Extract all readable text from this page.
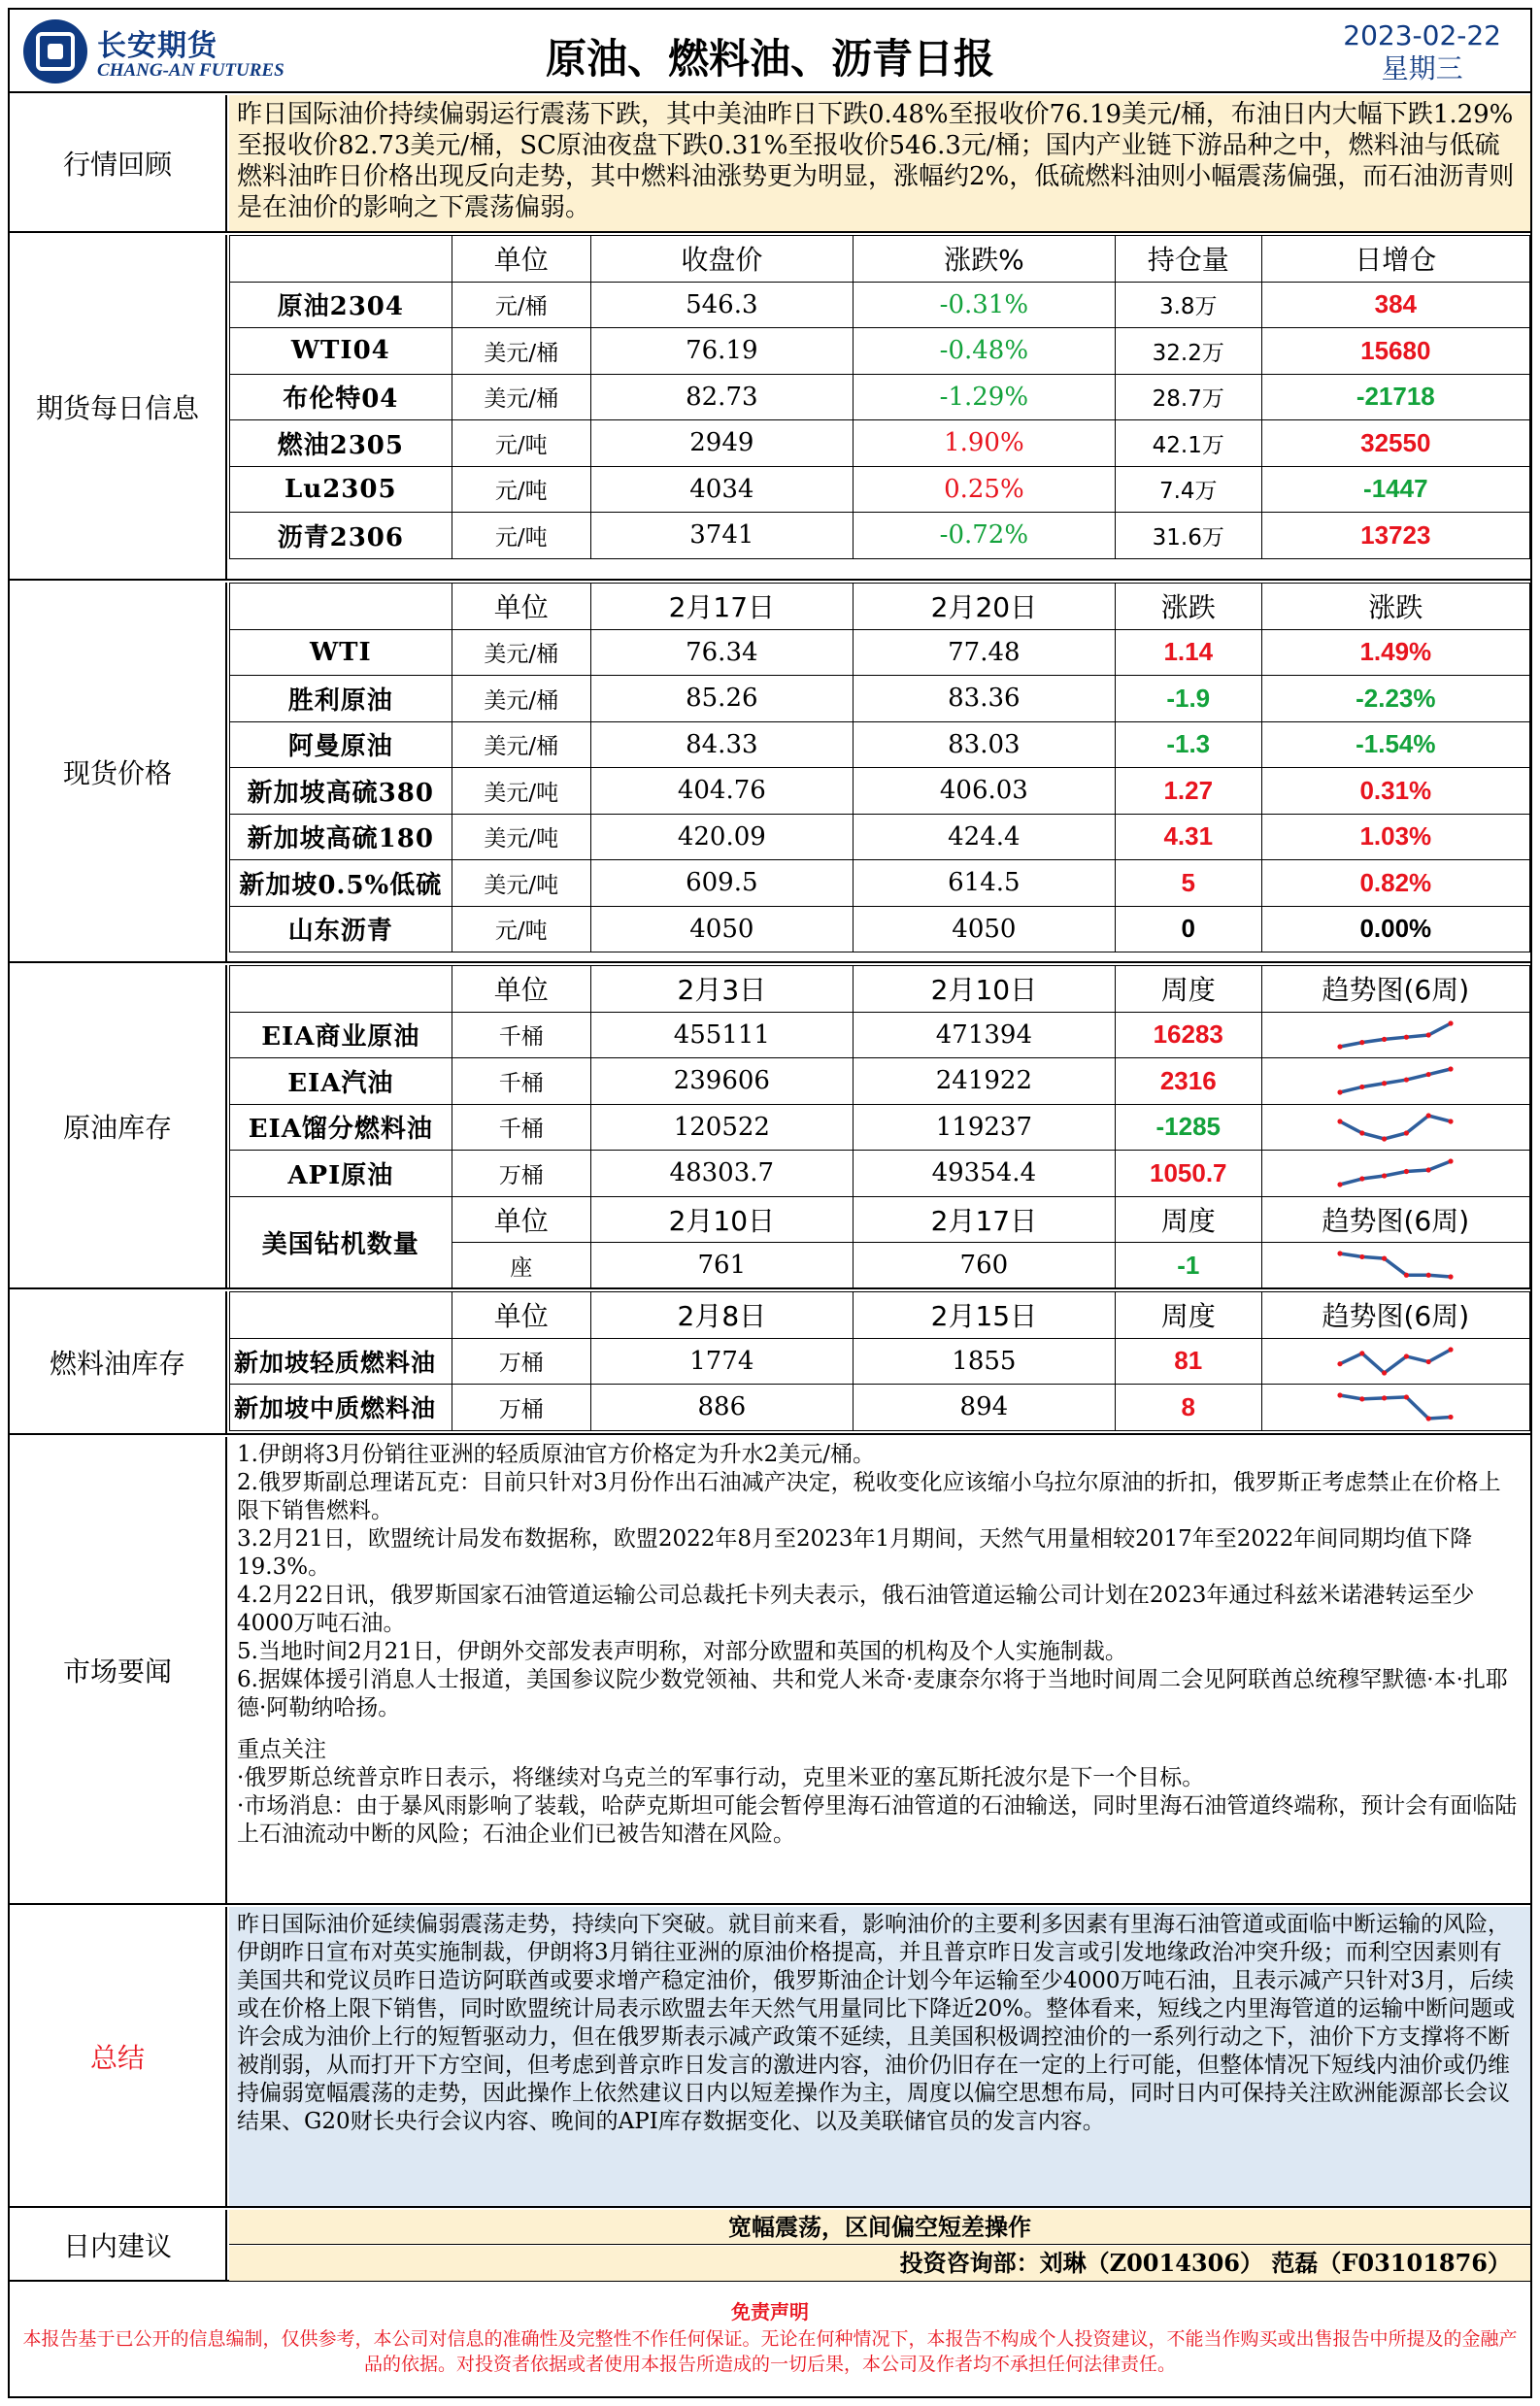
长安期货
CHANG-AN FUTURES	原油、燃料油、沥青日报	2023-02-22
星期三
行情回顾
昨日国际油价持续偏弱运行震荡下跌，其中美油昨日下跌0.48%至报收价76.19美元/桶，布油日内大幅下跌1.29%至报收价82.73美元/桶，SC原油夜盘下跌0.31%至报收价546.3元/桶；国内产业链下游品种之中，燃料油与低硫燃料油昨日价格出现反向走势，其中燃料油涨势更为明显，涨幅约2%，低硫燃料油则小幅震荡偏强，而石油沥青则是在油价的影响之下震荡偏弱。
期货每日信息
	单位	收盘价	涨跌%	持仓量	日增仓
原油2304	元/桶	546.3	-0.31%	3.8万	384
WTI04	美元/桶	76.19	-0.48%	32.2万	15680
布伦特04	美元/桶	82.73	-1.29%	28.7万	-21718
燃油2305	元/吨	2949	1.90%	42.1万	32550
Lu2305	元/吨	4034	0.25%	7.4万	-1447
沥青2306	元/吨	3741	-0.72%	31.6万	13723
现货价格
	单位	2月17日	2月20日	涨跌	涨跌
WTI	美元/桶	76.34	77.48	1.14	1.49%
胜利原油	美元/桶	85.26	83.36	-1.9	-2.23%
阿曼原油	美元/桶	84.33	83.03	-1.3	-1.54%
新加坡高硫380	美元/吨	404.76	406.03	1.27	0.31%
新加坡高硫180	美元/吨	420.09	424.4	4.31	1.03%
新加坡0.5%低硫	美元/吨	609.5	614.5	5	0.82%
山东沥青	元/吨	4050	4050	0	0.00%
原油库存
	单位	2月3日	2月10日	周度	趋势图(6周)
EIA商业原油	千桶	455111	471394	16283	

EIA汽油	千桶	239606	241922	2316	

EIA馏分燃料油	千桶	120522	119237	-1285	

API原油	万桶	48303.7	49354.4	1050.7	

美国钻机数量	单位	2月10日	2月17日	周度	趋势图(6周)
	座	761	760	-1	
燃料油库存
	单位	2月8日	2月15日	周度	趋势图(6周)
新加坡轻质燃料油	万桶	1774	1855	81	

新加坡中质燃料油	万桶	886	894	8	
市场要闻
1.伊朗将3月份销往亚洲的轻质原油官方价格定为升水2美元/桶。
2.俄罗斯副总理诺瓦克：目前只针对3月份作出石油减产决定，税收变化应该缩小乌拉尔原油的折扣，俄罗斯正考虑禁止在价格上限下销售燃料。
3.2月21日，欧盟统计局发布数据称，欧盟2022年8月至2023年1月期间，天然气用量相较2017年至2022年间同期均值下降19.3%。
4.2月22日讯，俄罗斯国家石油管道运输公司总裁托卡列夫表示，俄石油管道运输公司计划在2023年通过科兹米诺港转运至少4000万吨石油。
5.当地时间2月21日，伊朗外交部发表声明称，对部分欧盟和英国的机构及个人实施制裁。
6.据媒体援引消息人士报道，美国参议院少数党领袖、共和党人米奇·麦康奈尔将于当地时间周二会见阿联酋总统穆罕默德·本·扎耶德·阿勒纳哈扬。
重点关注
·俄罗斯总统普京昨日表示，将继续对乌克兰的军事行动，克里米亚的塞瓦斯托波尔是下一个目标。
·市场消息：由于暴风雨影响了装载，哈萨克斯坦可能会暂停里海石油管道的石油输送，同时里海石油管道终端称，预计会有面临陆上石油流动中断的风险；石油企业们已被告知潜在风险。
总结
昨日国际油价延续偏弱震荡走势，持续向下突破。就目前来看，影响油价的主要利多因素有里海石油管道或面临中断运输的风险，伊朗昨日宣布对英实施制裁，伊朗将3月销往亚洲的原油价格提高，并且普京昨日发言或引发地缘政治冲突升级；而利空因素则有美国共和党议员昨日造访阿联酋或要求增产稳定油价，俄罗斯油企计划今年运输至少4000万吨石油，且表示减产只针对3月，后续或在价格上限下销售，同时欧盟统计局表示欧盟去年天然气用量同比下降近20%。整体看来，短线之内里海管道的运输中断问题或许会成为油价上行的短暂驱动力，但在俄罗斯表示减产政策不延续，且美国积极调控油价的一系列行动之下，油价下方支撑将不断被削弱，从而打开下方空间，但考虑到普京昨日发言的激进内容，油价仍旧存在一定的上行可能，但整体情况下短线内油价或仍维持偏弱宽幅震荡的走势，因此操作上依然建议日内以短差操作为主，周度以偏空思想布局，同时日内可保持关注欧洲能源部长会议结果、G20财长央行会议内容、晚间的API库存数据变化、以及美联储官员的发言内容。
日内建议
宽幅震荡，区间偏空短差操作
投资咨询部：刘琳（Z0014306） 范磊（F03101876）
免责声明
本报告基于已公开的信息编制，仅供参考，本公司对信息的准确性及完整性不作任何保证。无论在何种情况下，本报告不构成个人投资建议，不能当作购买或出售报告中所提及的金融产品的依据。对投资者依据或者使用本报告所造成的一切后果，本公司及作者均不承担任何法律责任。
